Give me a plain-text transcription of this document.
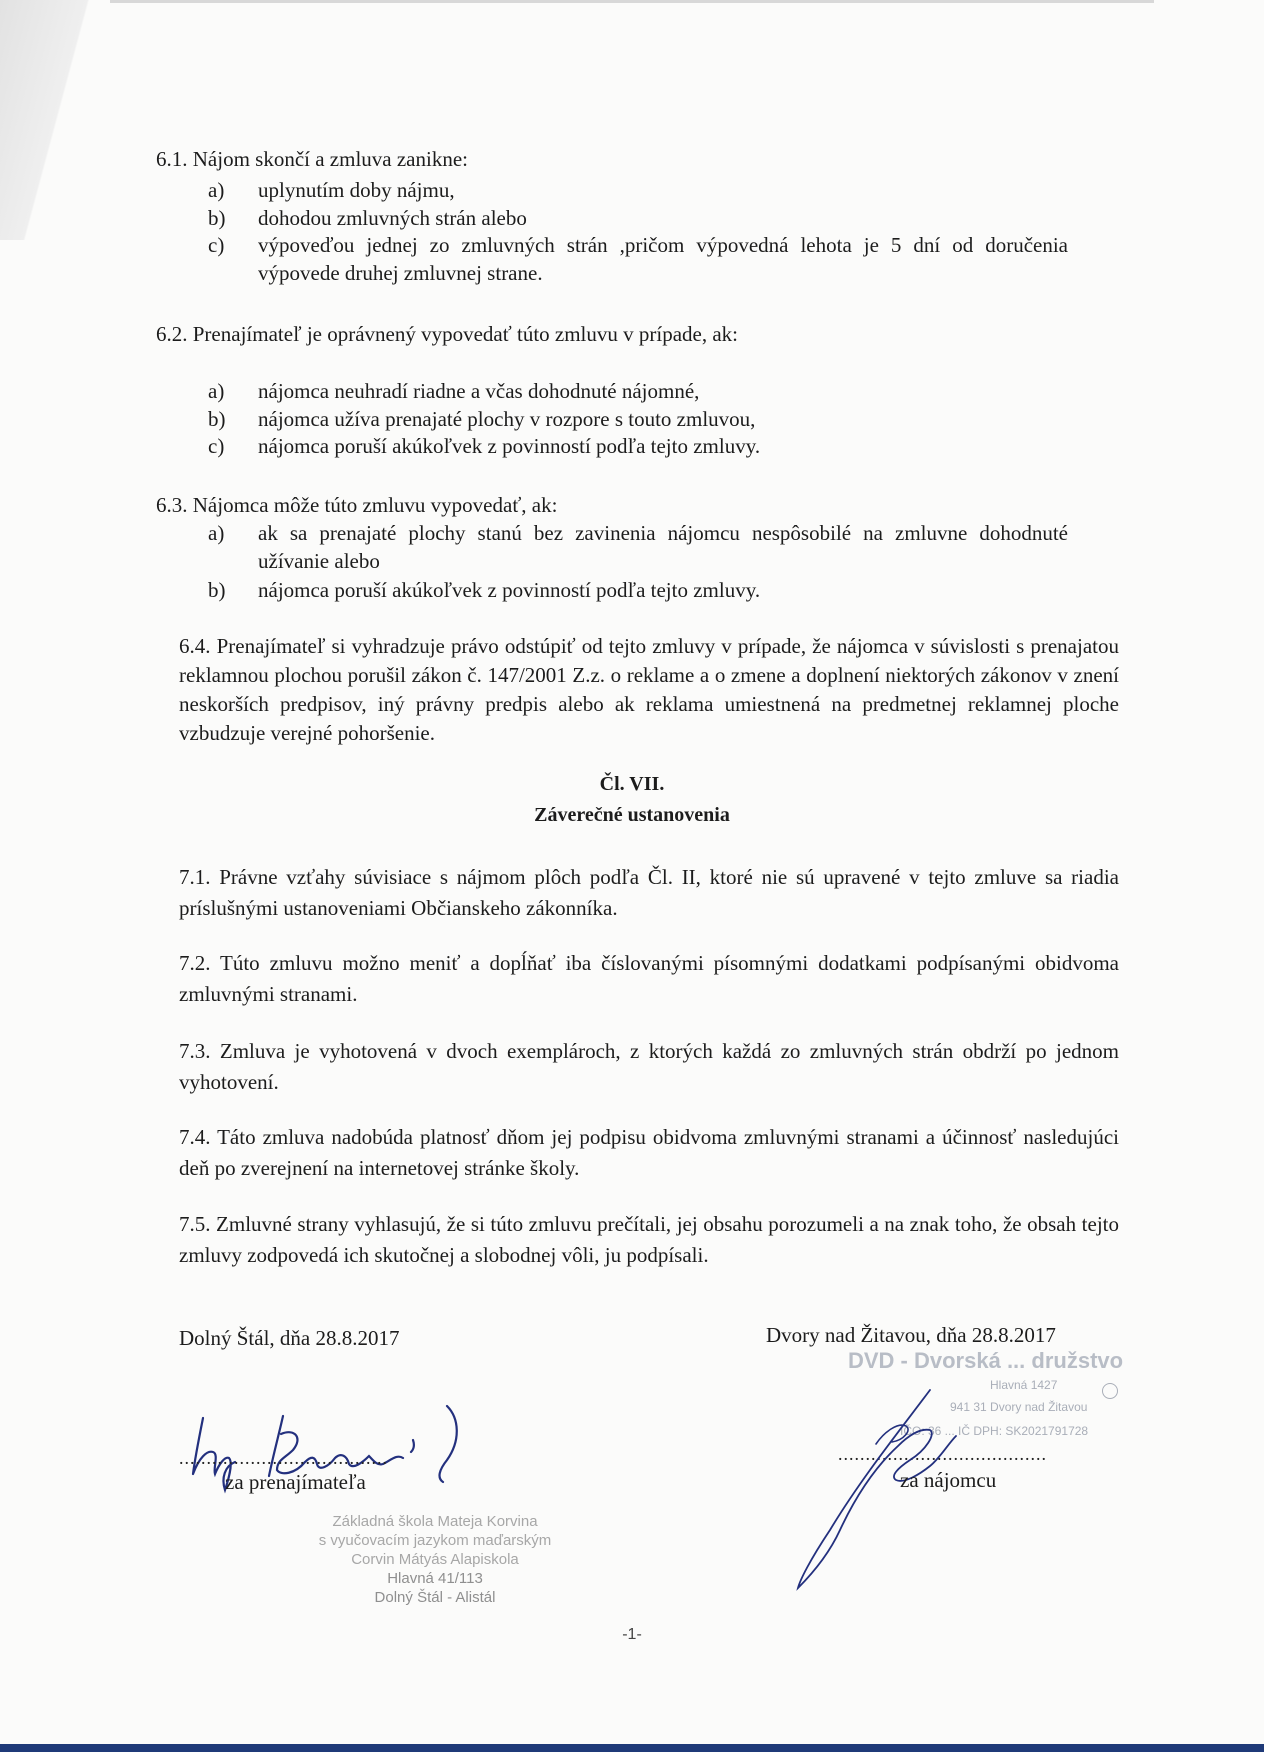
6.1. Nájom skončí a zmluva zanikne:
a)	uplynutím doby nájmu,
b)	dohodou zmluvných strán alebo
c)	výpoveďou jednej zo zmluvných strán ,pričom výpovedná lehota je 5 dní od doručenia výpovede druhej zmluvnej strane.
6.2. Prenajímateľ je oprávnený vypovedať túto zmluvu v prípade, ak:
a)	nájomca neuhradí riadne a včas dohodnuté nájomné,
b)	nájomca užíva prenajaté plochy v rozpore s touto zmluvou,
c)	nájomca poruší akúkoľvek z povinností podľa tejto zmluvy.
6.3. Nájomca môže túto zmluvu vypovedať, ak:
a)	ak sa prenajaté plochy stanú bez zavinenia nájomcu nespôsobilé na zmluvne dohodnuté užívanie alebo
b)	nájomca poruší akúkoľvek z povinností podľa tejto zmluvy.
6.4. Prenajímateľ si vyhradzuje právo odstúpiť od tejto zmluvy v prípade, že nájomca v súvislosti s prenajatou reklamnou plochou porušil zákon č. 147/2001 Z.z. o reklame a o zmene a doplnení niektorých zákonov v znení neskorších predpisov, iný právny predpis alebo ak reklama umiestnená na predmetnej reklamnej ploche vzbudzuje verejné pohoršenie.
Čl. VII.
Záverečné ustanovenia
7.1. Právne vzťahy súvisiace s nájmom plôch podľa Čl. II, ktoré nie sú upravené v tejto zmluve sa riadia príslušnými ustanoveniami Občianskeho zákonníka.
7.2. Túto zmluvu možno meniť a dopĺňať iba číslovanými písomnými dodatkami podpísanými obidvoma zmluvnými stranami.
7.3. Zmluva je vyhotovená v dvoch exemplároch, z ktorých každá zo zmluvných strán obdrží po jednom vyhotovení.
7.4. Táto zmluva nadobúda platnosť dňom jej podpisu obidvoma zmluvnými stranami a účinnosť nasledujúci deň po zverejnení na internetovej stránke školy.
7.5. Zmluvné strany vyhlasujú, že si túto zmluvu prečítali, jej obsahu porozumeli a na znak toho, že obsah tejto zmluvy zodpovedá ich skutočnej a slobodnej vôli, ju podpísali.
Dolný Štál, dňa 28.8.2017	Dvory nad Žitavou, dňa 28.8.2017
DVD - Dvorská ... družstvo
Hlavná 1427
941 31 Dvory nad Žitavou
IČO: 36 ... IČ DPH: SK2021791728
......................................	......................................
za prenajímateľa	za nájomcu
Základná škola Mateja Korvina
s vyučovacím jazykom maďarským
Corvin Mátyás Alapiskola
Hlavná 41/113
Dolný Štál - Alistál
-1-
